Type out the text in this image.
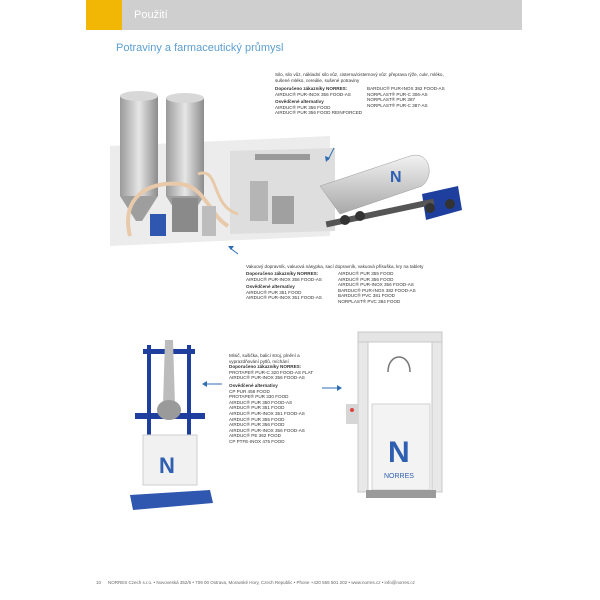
Použití
Potraviny a farmaceutický průmysl
Silo, silo vůz, nákladní silo vůz, cisterna/cisternový vůz: přeprava rýže, cukr, mléko, sušené mléko, cereálie, sušené potraviny
Doporučeno zákazníky NORRES:
AIRDUC® PUR-INOX 356 FOOD-AS
Osvědčené alternativy
AIRDUC® PUR 356 FOOD
AIRDUC® PUR 356 FOOD REINFORCED
BARDUC® PUR-INOX 382 FOOD-AS
NORPLAST® PUR-C 306-AS
NORPLAST® PUR 387
NORPLAST® PUR-C 387-AS
Vakuový dopravník, vakuová násypka, sací dopravník, vakuová přísuška, kry na tablety
Doporučeno zákazníky NORRES:
AIRDUC® PUR-INOX 356 FOOD-AS
Osvědčené alternativy
AIRDUC® PUR 351 FOOD
AIRDUC® PUR-INOX 351 FOOD-AS
AIRDUC® PUR 355 FOOD
AIRDUC® PUR 356 FOOD
AIRDUC® PUR-INOX 356 FOOD-AS
BARDUC® PUR-INOX 382 FOOD-AS
BARDUC® PVC 381 FOOD
NORPLAST® PVC 384 FOOD
Mísič, sušička, balicí stroj, plnění a vyprazdňování pytlů, míchání
Doporučeno zákazníky NORRES:
PROTAPE® PUR-C 320 FOOD-AS FLAT
AIRDUC® PUR-INOX 356 FOOD-AS
Osvědčené alternativy
CP PUR 458 FOOD
PROTAPE® PUR 330 FOOD
AIRDUC® PUR 350 FOOD-AS
AIRDUC® PUR 351 FOOD
AIRDUC® PUR-INOX 351 FOOD-AS
AIRDUC® PUR 355 FOOD
AIRDUC® PUR 356 FOOD
AIRDUC® PUR-INOX 356 FOOD-AS
AIRDUC® PE 362 FOOD
CP PTFE-INOX 475 FOOD
N
N	N
NORRES
10 NORRES Czech s.r.o. • Novoveská 352/6 • 709 00 Ostrava, Moravské Hory, Czech Republic • Phone +420 555 501 202 • www.norres.cz • info@norres.cz
